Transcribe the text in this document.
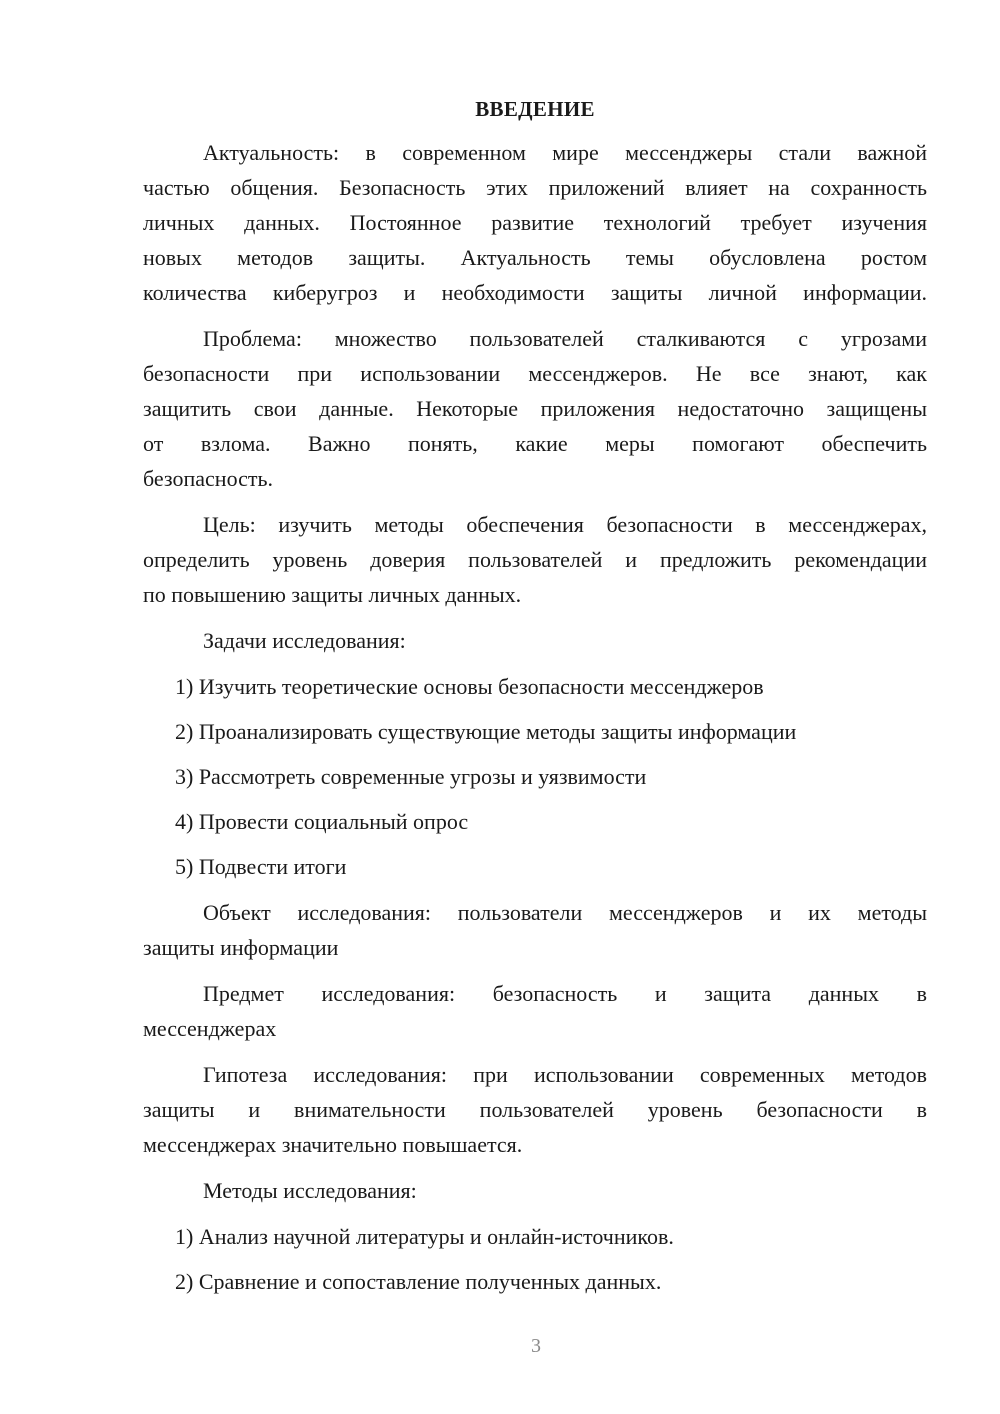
ВВЕДЕНИЕ
Актуальность: в современном мире мессенджеры стали важной
частью общения. Безопасность этих приложений влияет на сохранность
личных данных. Постоянное развитие технологий требует изучения
новых методов защиты. Актуальность темы обусловлена ростом
количества киберугроз и необходимости защиты личной информации.
Проблема: множество пользователей сталкиваются с угрозами
безопасности при использовании мессенджеров. Не все знают, как
защитить свои данные. Некоторые приложения недостаточно защищены
от взлома. Важно понять, какие меры помогают обеспечить
безопасность.
Цель: изучить методы обеспечения безопасности в мессенджерах,
определить уровень доверия пользователей и предложить рекомендации
по повышению защиты личных данных.
Задачи исследования:
1) Изучить теоретические основы безопасности мессенджеров
2) Проанализировать существующие методы защиты информации
3) Рассмотреть современные угрозы и уязвимости
4) Провести социальный опрос
5) Подвести итоги
Объект исследования: пользователи мессенджеров и их методы
защиты информации
Предмет исследования: безопасность и защита данных в
мессенджерах
Гипотеза исследования: при использовании современных методов
защиты и внимательности пользователей уровень безопасности в
мессенджерах значительно повышается.
Методы исследования:
1) Анализ научной литературы и онлайн-источников.
2) Сравнение и сопоставление полученных данных.
3
